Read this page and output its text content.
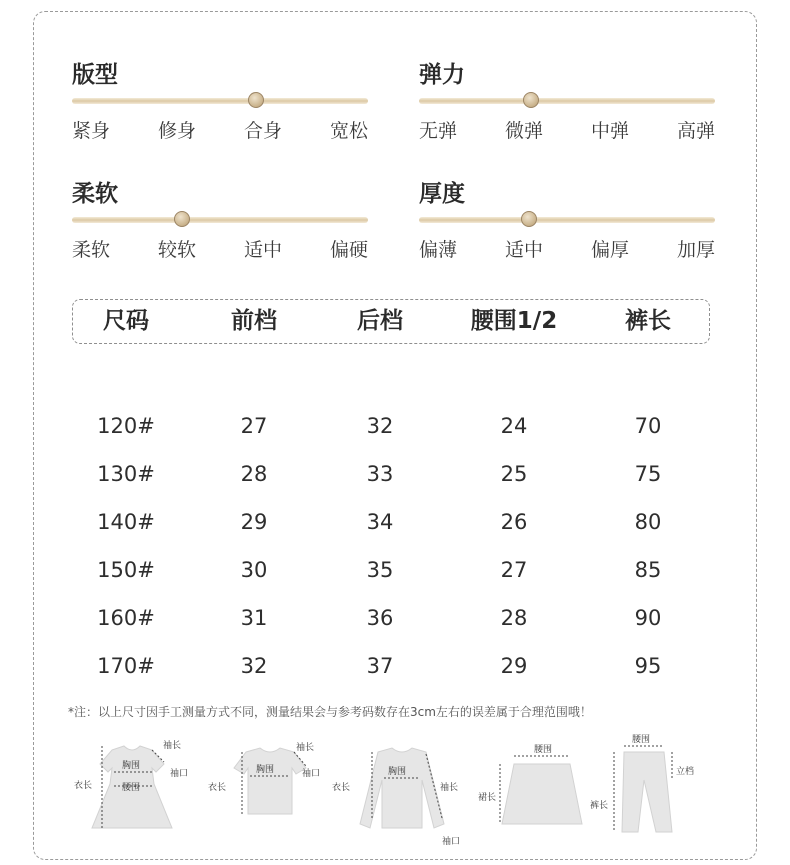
版型
紧身	修身	合身	宽松
弹力
无弹	微弹	中弹	高弹
柔软
柔软	较软	适中	偏硬
厚度
偏薄	适中	偏厚	加厚
尺码	前档	后档	腰围1/2	裤长
120#	27	32	24	70
130#	28	33	25	75
140#	29	34	26	80
150#	30	35	27	85
160#	31	36	28	90
170#	32	37	29	95
*注：以上尺寸因手工测量方式不同，测量结果会与参考码数存在3cm左右的误差属于合理范围哦！
袖长
胸围
袖口
衣长	腰围
袖长
胸围	袖口
衣长
胸围
衣长	袖长
袖口
腰围
裙长
腰围
立档
裤长
